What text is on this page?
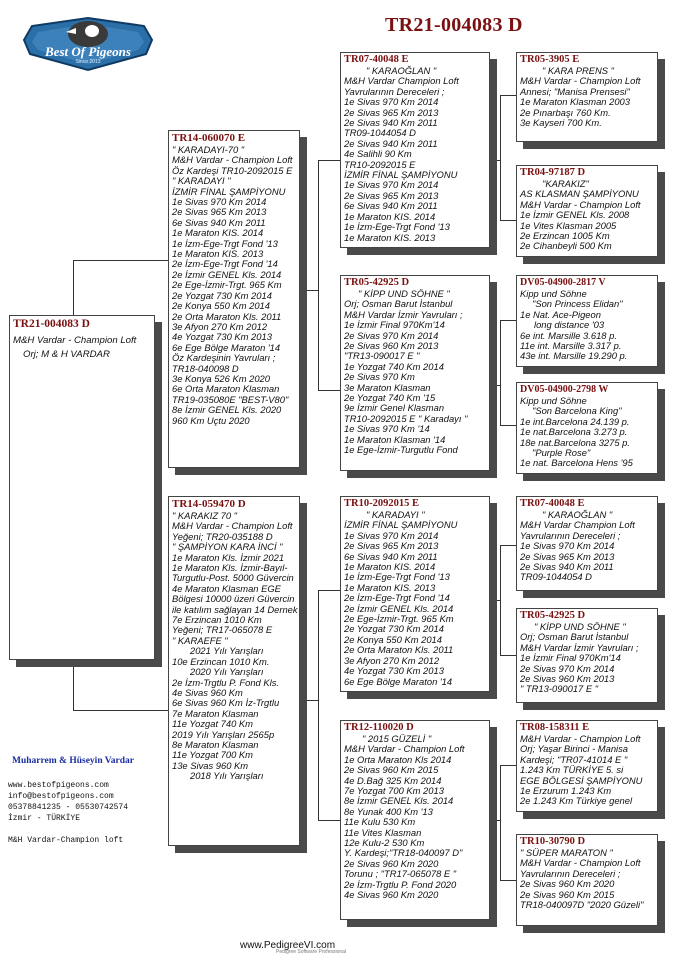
Best Of Pigeons
Since 2013
TR21-004083 D
TR21-004083 D
M&H Vardar - Champion Loft
Orj; M & H VARDAR
TR14-060070 E
" KARADAYI-70 "
M&H Vardar - Champion Loft
Öz Kardeşi TR10-2092015 E
" KARADAYI "
İZMİR FİNAL ŞAMPİYONU
1e Sivas 970 Km 2014
2e Sivas 965 Km 2013
6e Sivas 940 Km 2011
1e Maraton KIS. 2014
1e İzm-Ege-Trgt Fond '13
1e Maraton KIS. 2013
2e İzm-Ege-Trgt Fond '14
2e İzmir GENEL Kls. 2014
2e Ege-İzmir-Trgt. 965 Km
2e Yozgat 730 Km 2014
2e Konya 550 Km 2014
2e Orta Maraton Kls. 2011
3e Afyon 270 Km 2012
4e Yozgat 730 Km 2013
6e Ege Bölge Maraton '14
Öz Kardeşinin Yavruları ;
TR18-040098 D
3e Konya 526 Km 2020
6e Orta Maraton Klasman
TR19-035080E "BEST-V80"
8e İzmir GENEL Kls. 2020
960 Km Uçtu 2020
TR14-059470 D
" KARAKIZ 70 "
M&H Vardar - Champion Loft
Yeğeni; TR20-035188 D
" ŞAMPİYON KARA İNCİ "
1e Maraton Kls. İzmir 2021
1e Maraton Kls. İzmir-Bayıl-
Turgutlu-Post. 5000 Güvercin
4e Maraton Klasman EGE
Bölgesi 10000 üzeri Güvercin
ile katılım sağlayan 14 Dernek
7e Erzincan 1010 Km
Yeğeni; TR17-065078 E
" KARAEFE "
2021 Yılı Yarışları
10e Erzincan 1010 Km.
2020 Yılı Yarışları
2e İzm-Trgtlu P. Fond Kls.
4e Sivas 960 Km
6e Sivas 960 Km İz-Trgtlu
7e Maraton Klasman
11e Yozgat 740 Km
2019 Yılı Yarışları 2565p
8e Maraton Klasman
11e Yozgat 700 Km
13e Sivas 960 Km
2018 Yılı Yarışları
TR07-40048 E
" KARAOĞLAN "
M&H Vardar Champion Loft
Yavrularının Dereceleri ;
1e Sivas 970 Km 2014
2e Sivas 965 Km 2013
2e Sivas 940 Km 2011
TR09-1044054 D
2e Sivas 940 Km 2011
4e Salihli 90 Km
TR10-2092015 E
İZMİR FİNAL ŞAMPİYONU
1e Sivas 970 Km 2014
2e Sivas 965 Km 2013
6e Sivas 940 Km 2011
1e Maraton KIS. 2014
1e İzm-Ege-Trgt Fond '13
1e Maraton KIS. 2013
TR05-42925 D
" KİPP UND SÖHNE "
Orj; Osman Barut İstanbul
M&H Vardar İzmir Yavruları ;
1e İzmir Final 970Km'14
2e Sivas 970 Km 2014
2e Sivas 960 Km 2013
"TR13-090017 E "
1e Yozgat 740 Km 2014
2e Sivas 970 Km
3e Maraton Klasman
2e Yozgat 740 Km '15
9e İzmir Genel Klasman
TR10-2092015 E " Karadayı "
1e Sivas 970 Km '14
1e Maraton Klasman '14
1e Ege-İzmir-Turgutlu Fond
TR10-2092015 E
" KARADAYI "
İZMİR FİNAL ŞAMPİYONU
1e Sivas 970 Km 2014
2e Sivas 965 Km 2013
6e Sivas 940 Km 2011
1e Maraton KIS. 2014
1e İzm-Ege-Trgt Fond '13
1e Maraton KIS. 2013
2e İzm-Ege-Trgt Fond '14
2e İzmir GENEL Kls. 2014
2e Ege-İzmir-Trgt. 965 Km
2e Yozgat 730 Km 2014
2e Konya 550 Km 2014
2e Orta Maraton Kls. 2011
3e Afyon 270 Km 2012
4e Yozgat 730 Km 2013
6e Ege Bölge Maraton '14
TR12-110020 D
" 2015 GÜZELİ "
M&H Vardar - Champion Loft
1e Orta Maraton Kls 2014
2e Sivas 960 Km 2015
4e D.Bağ 325 Km 2014
7e Yozgat 700 Km 2013
8e İzmir GENEL Kls. 2014
8e Yunak 400 Km '13
11e Kulu 530 Km
11e Vites Klasman
12e Kulu-2 530 Km
Y. Kardeşi;"TR18-040097 D"
2e Sivas 960 Km 2020
Torunu ; "TR17-065078 E "
2e İzm-Trgtlu P. Fond 2020
4e Sivas 960 Km 2020
TR05-3905 E
" KARA PRENS "
M&H Vardar - Champion Loft
Annesi; "Manisa Prensesi"
1e Maraton Klasman 2003
2e Pınarbaşı 760 Km.
3e Kayseri 700 Km.
TR04-97187 D
"KARAKIZ"
AS KLASMAN ŞAMPİYONU
M&H Vardar - Champion Loft
1e İzmir GENEL Kls. 2008
1e Vites Klasman 2005
2e Erzincan 1005 Km
2e Cihanbeyli 500 Km
DV05-04900-2817 V
Kipp und Söhne
"Son Princess Elidan"
1e Nat. Ace-Pigeon
long distance '03
6e int. Marsille 3.618 p.
11e int. Marsille 3.317 p.
43e int. Marsille 19.290 p.
DV05-04900-2798 W
Kipp und Söhne
"Son Barcelona King"
1e int.Barcelona 24.139 p.
1e nat.Barcelona 3.273 p.
18e nat.Barcelona 3275 p.
"Purple Rose"
1e nat. Barcelona Hens '95
TR07-40048 E
" KARAOĞLAN "
M&H Vardar Champion Loft
Yavrularının Dereceleri ;
1e Sivas 970 Km 2014
2e Sivas 965 Km 2013
2e Sivas 940 Km 2011
TR09-1044054 D
TR05-42925 D
" KİPP UND SÖHNE "
Orj; Osman Barut İstanbul
M&H Vardar İzmir Yavruları ;
1e İzmir Final 970Km'14
2e Sivas 970 Km 2014
2e Sivas 960 Km 2013
" TR13-090017 E "
TR08-158311 E
M&H Vardar - Champion Loft
Orj; Yaşar Birinci - Manisa
Kardeşi; "TR07-41014 E "
1.243 Km TÜRKİYE 5. si
EGE BÖLGESİ ŞAMPİYONU
1e Erzurum 1.243 Km
2e 1.243 Km Türkiye genel
TR10-30790 D
" SÜPER MARATON "
M&H Vardar - Champion Loft
Yavrularının Dereceleri ;
2e Sivas 960 Km 2020
2e Sivas 960 Km 2015
TR18-040097D "2020 Güzeli"
Muharrem & Hüseyin Vardar
www.bestofpigeons.com
info@bestofpigeons.com
05378841235 - 05530742574
İzmir - TÜRKİYE
M&H Vardar-Champion loft
www.PedigreeVI.com
Pedigree Software Professional
